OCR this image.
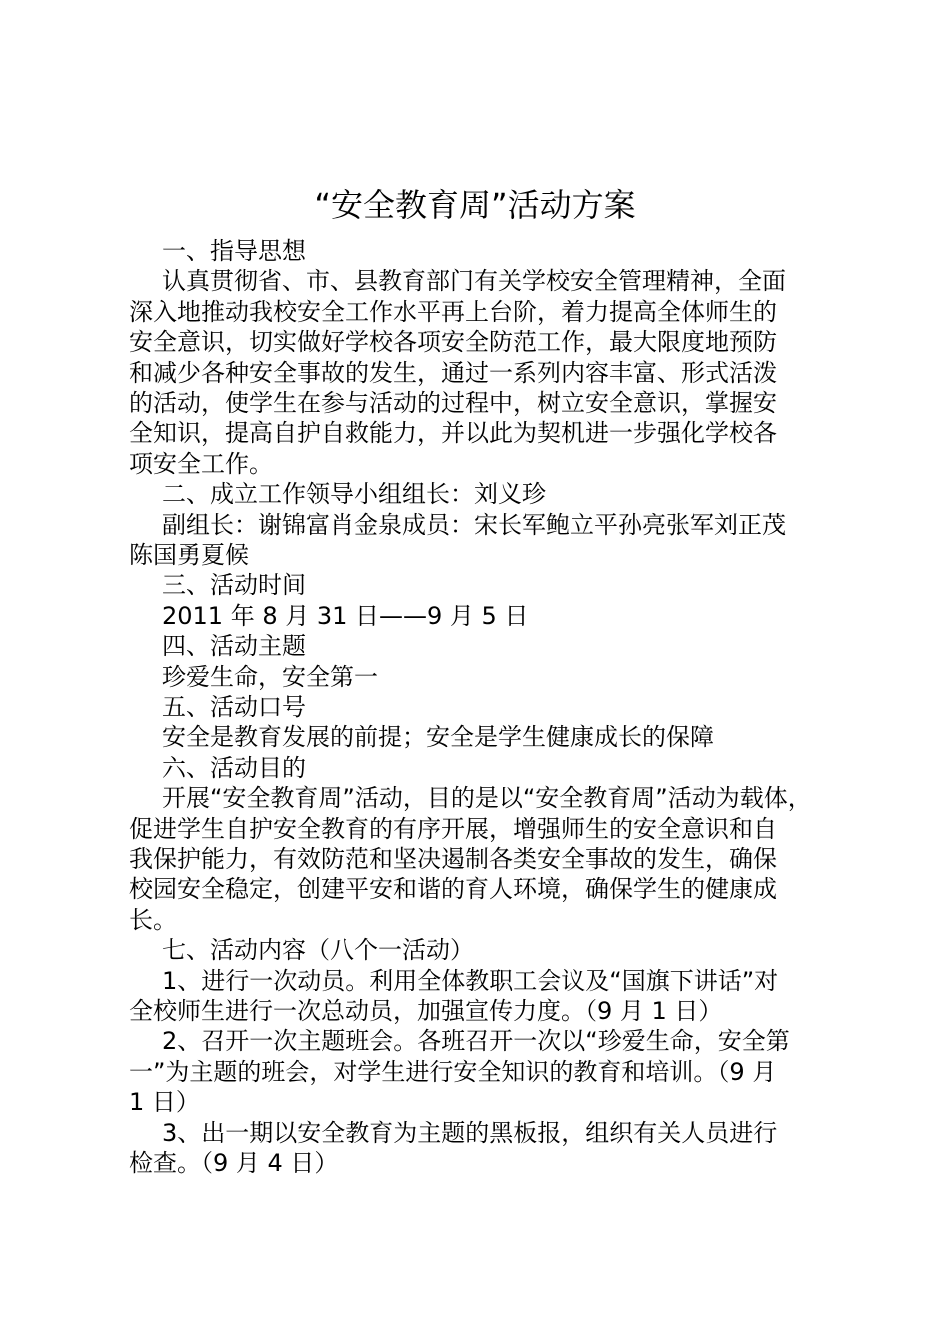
“安全教育周”活动方案
一、指导思想
认真贯彻省、市、县教育部门有关学校安全管理精神，全面
深入地推动我校安全工作水平再上台阶，着力提高全体师生的
安全意识，切实做好学校各项安全防范工作，最大限度地预防
和减少各种安全事故的发生，通过一系列内容丰富、形式活泼
的活动，使学生在参与活动的过程中，树立安全意识，掌握安
全知识，提高自护自救能力，并以此为契机进一步强化学校各
项安全工作。
二、成立工作领导小组组长：刘义珍
副组长：谢锦富肖金泉成员：宋长军鲍立平孙亮张军刘正茂
陈国勇夏候
三、活动时间
2011 年 8 月 31 日——9 月 5 日
四、活动主题
珍爱生命，安全第一
五、活动口号
安全是教育发展的前提；安全是学生健康成长的保障
六、活动目的
开展“安全教育周”活动，目的是以“安全教育周”活动为载体，
促进学生自护安全教育的有序开展，增强师生的安全意识和自
我保护能力，有效防范和坚决遏制各类安全事故的发生，确保
校园安全稳定，创建平安和谐的育人环境，确保学生的健康成
长。
七、活动内容（八个一活动）
1、进行一次动员。利用全体教职工会议及“国旗下讲话”对
全校师生进行一次总动员，加强宣传力度。（9 月 1 日）
2、召开一次主题班会。各班召开一次以“珍爱生命，安全第
一”为主题的班会，对学生进行安全知识的教育和培训。（9 月
1 日）
3、出一期以安全教育为主题的黑板报，组织有关人员进行
检查。（9 月 4 日）
